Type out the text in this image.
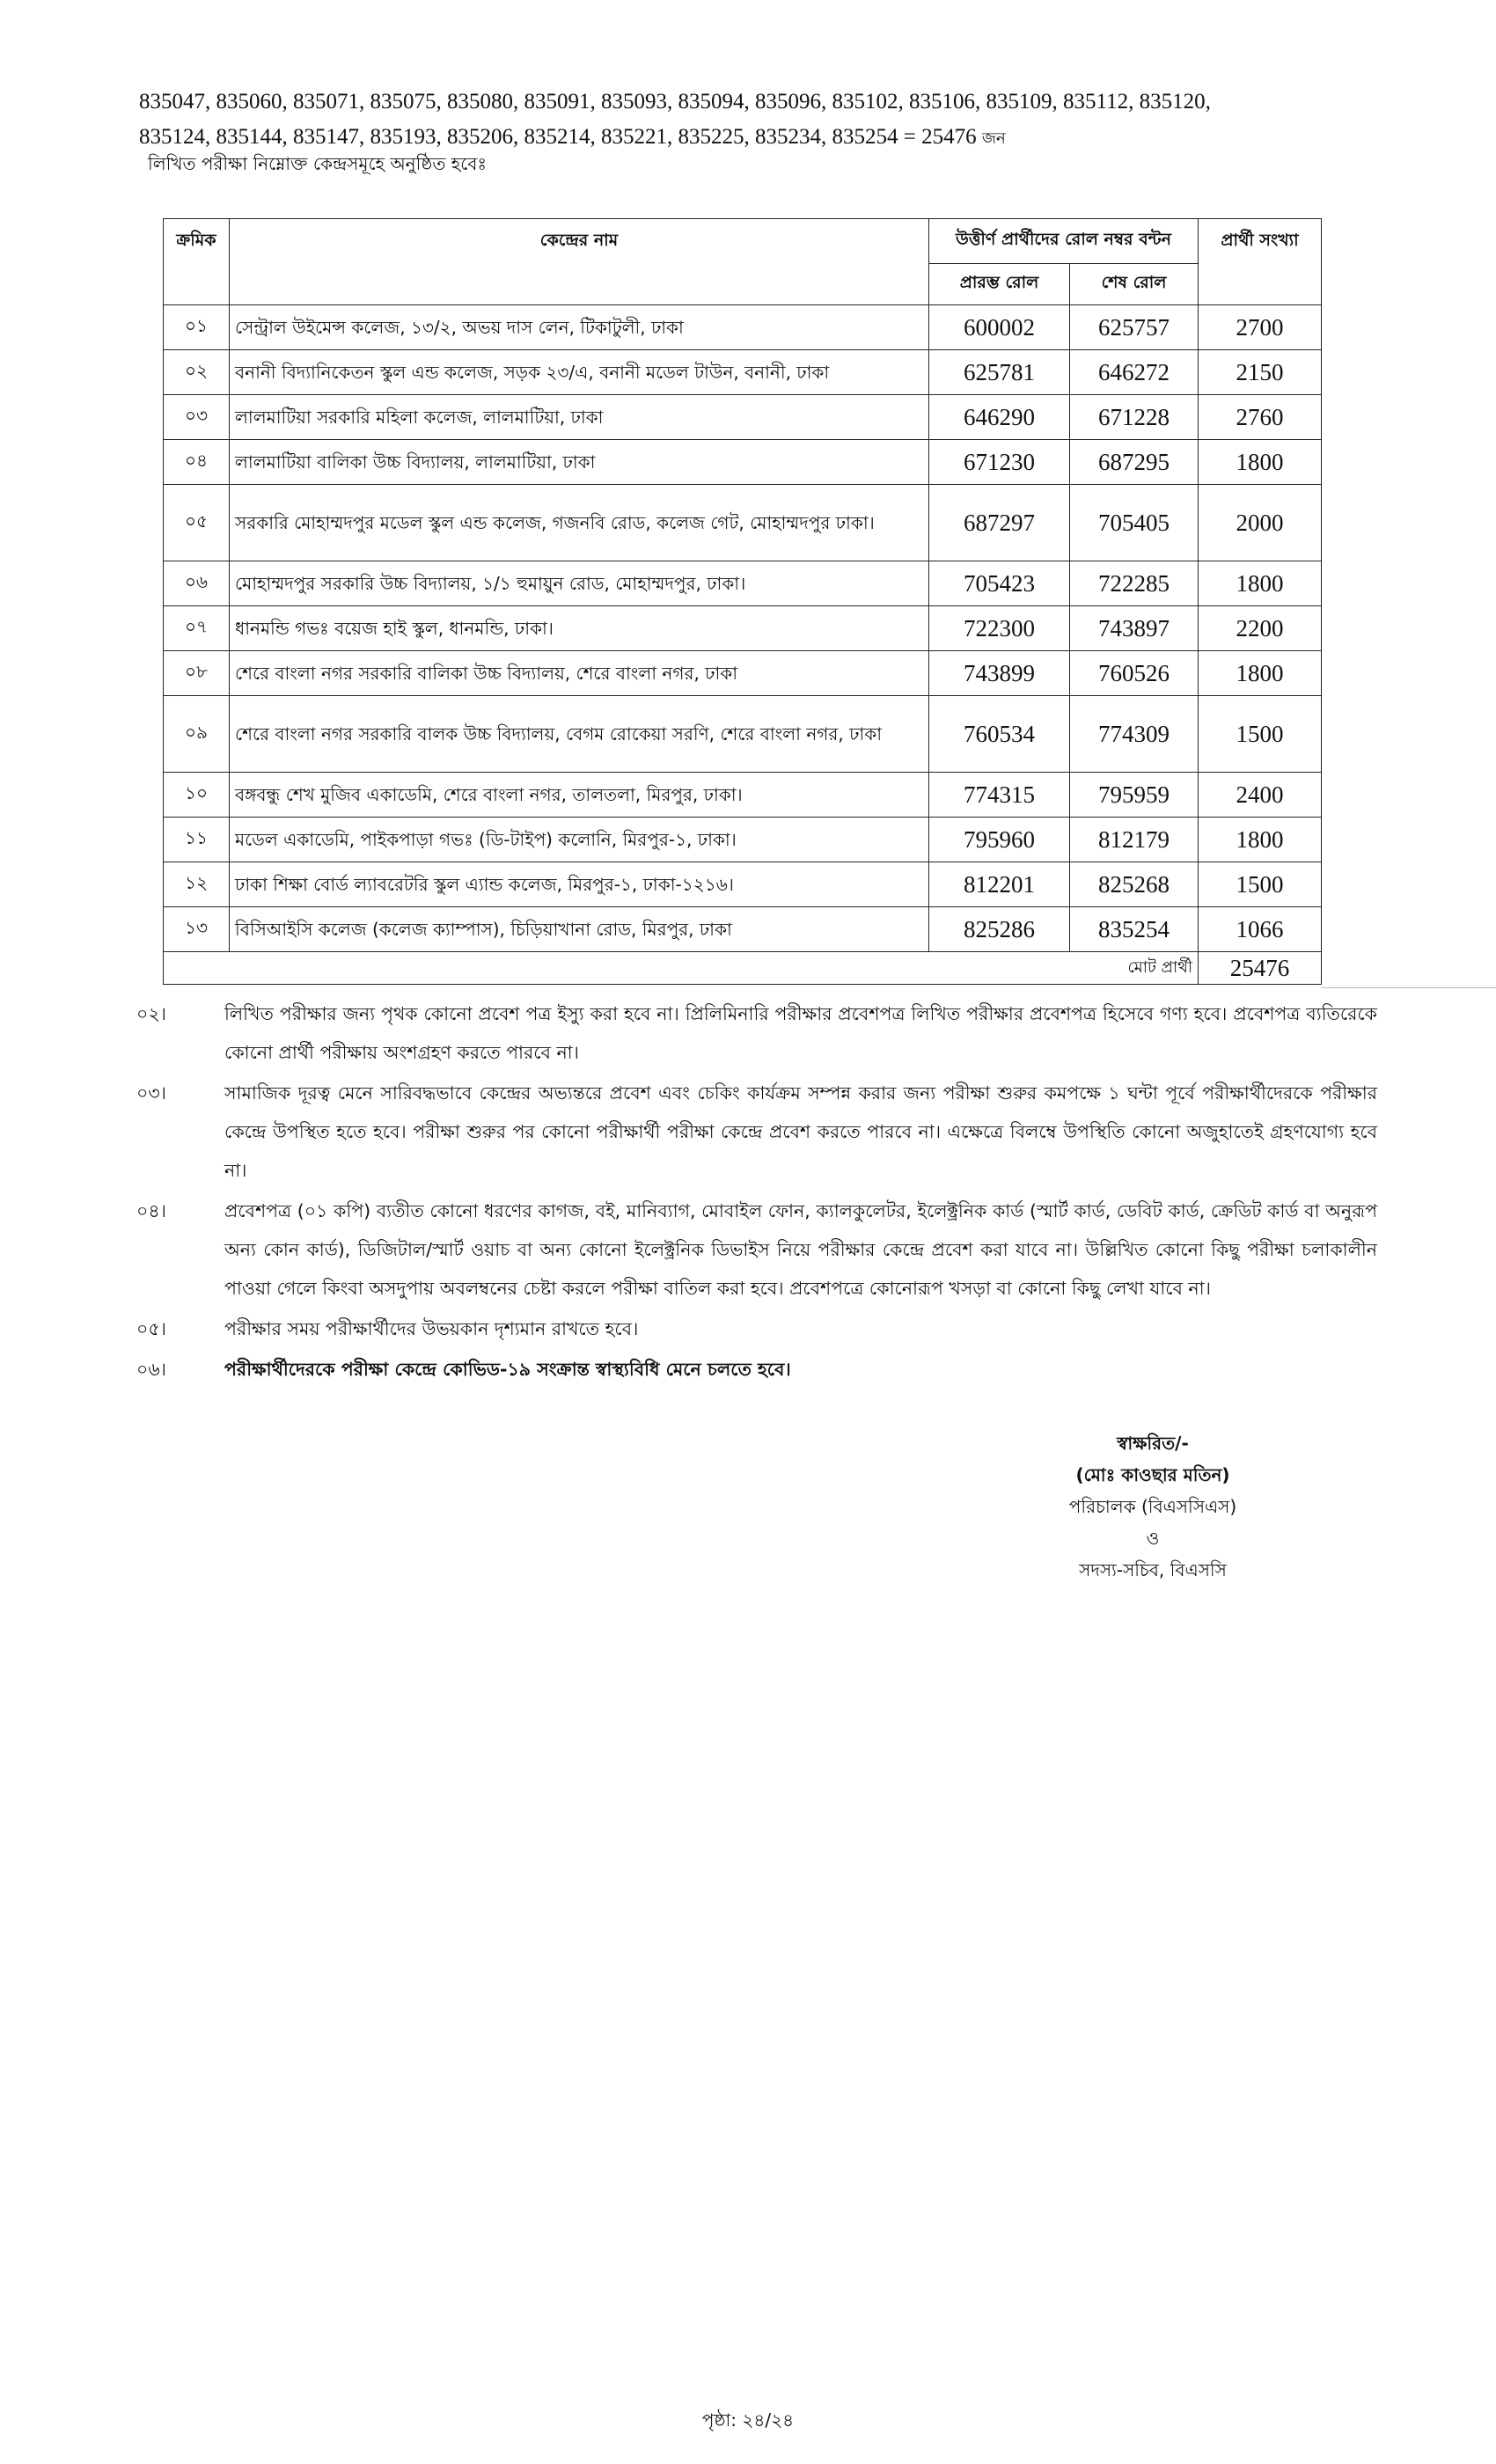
835047, 835060, 835071, 835075, 835080, 835091, 835093, 835094, 835096, 835102, 835106, 835109, 835112, 835120,
835124, 835144, 835147, 835193, 835206, 835214, 835221, 835225, 835234, 835254 = 25476 জন
লিখিত পরীক্ষা নিম্নোক্ত কেন্দ্রসমূহে অনুষ্ঠিত হবেঃ
ক্রমিক	কেন্দ্রের নাম	উত্তীর্ণ প্রার্থীদের রোল নম্বর বন্টন		প্রার্থী সংখ্যা
		প্রারম্ভ রোল	শেষ রোল	
০১	সেন্ট্রাল উইমেন্স কলেজ, ১৩/২, অভয় দাস লেন, টিকাটুলী, ঢাকা	600002	625757	2700
০২	বনানী বিদ্যানিকেতন স্কুল এন্ড কলেজ, সড়ক ২৩/এ, বনানী মডেল টাউন, বনানী, ঢাকা	625781	646272	2150
০৩	লালমাটিয়া সরকারি মহিলা কলেজ, লালমাটিয়া, ঢাকা	646290	671228	2760
০৪	লালমাটিয়া বালিকা উচ্চ বিদ্যালয়, লালমাটিয়া, ঢাকা	671230	687295	1800
০৫	সরকারি মোহাম্মদপুর মডেল স্কুল এন্ড কলেজ, গজনবি রোড, কলেজ গেট, মোহাম্মদপুর ঢাকা।	687297	705405	2000
০৬	মোহাম্মদপুর সরকারি উচ্চ বিদ্যালয়, ১/১ হুমায়ুন রোড, মোহাম্মদপুর, ঢাকা।	705423	722285	1800
০৭	ধানমন্ডি গভঃ বয়েজ হাই স্কুল, ধানমন্ডি, ঢাকা।	722300	743897	2200
০৮	শেরে বাংলা নগর সরকারি বালিকা উচ্চ বিদ্যালয়, শেরে বাংলা নগর, ঢাকা	743899	760526	1800
০৯	শেরে বাংলা নগর সরকারি বালক উচ্চ বিদ্যালয়, বেগম রোকেয়া সরণি, শেরে বাংলা নগর, ঢাকা	760534	774309	1500
১০	বঙ্গবন্ধু শেখ মুজিব একাডেমি, শেরে বাংলা নগর, তালতলা, মিরপুর, ঢাকা।	774315	795959	2400
১১	মডেল একাডেমি, পাইকপাড়া গভঃ (ডি-টাইপ) কলোনি, মিরপুর-১, ঢাকা।	795960	812179	1800
১২	ঢাকা শিক্ষা বোর্ড ল্যাবরেটরি স্কুল এ্যান্ড কলেজ, মিরপুর-১, ঢাকা-১২১৬।	812201	825268	1500
১৩	বিসিআইসি কলেজ (কলেজ ক্যাম্পাস), চিড়িয়াখানা রোড, মিরপুর, ঢাকা	825286	835254	1066
মোট প্রার্থী				25476
০২।	লিখিত পরীক্ষার জন্য পৃথক কোনো প্রবেশ পত্র ইস্যু করা হবে না। প্রিলিমিনারি পরীক্ষার প্রবেশপত্র লিখিত পরীক্ষার প্রবেশপত্র হিসেবে গণ্য হবে। প্রবেশপত্র ব্যতিরেকে কোনো প্রার্থী পরীক্ষায় অংশগ্রহণ করতে পারবে না।
০৩।	সামাজিক দূরত্ব মেনে সারিবদ্ধভাবে কেন্দ্রের অভ্যন্তরে প্রবেশ এবং চেকিং কার্যক্রম সম্পন্ন করার জন্য পরীক্ষা শুরুর কমপক্ষে ১ ঘন্টা পূর্বে পরীক্ষার্থীদেরকে পরীক্ষার কেন্দ্রে উপস্থিত হতে হবে। পরীক্ষা শুরুর পর কোনো পরীক্ষার্থী পরীক্ষা কেন্দ্রে প্রবেশ করতে পারবে না। এক্ষেত্রে বিলম্বে উপস্থিতি কোনো অজুহাতেই গ্রহণযোগ্য হবে না।
০৪।	প্রবেশপত্র (০১ কপি) ব্যতীত কোনো ধরণের কাগজ, বই, মানিব্যাগ, মোবাইল ফোন, ক্যালকুলেটর, ইলেক্ট্রনিক কার্ড (স্মার্ট কার্ড, ডেবিট কার্ড, ক্রেডিট কার্ড বা অনুরূপ অন্য কোন কার্ড), ডিজিটাল/স্মার্ট ওয়াচ বা অন্য কোনো ইলেক্ট্রনিক ডিভাইস নিয়ে পরীক্ষার কেন্দ্রে প্রবেশ করা যাবে না। উল্লিখিত কোনো কিছু পরীক্ষা চলাকালীন পাওয়া গেলে কিংবা অসদুপায় অবলম্বনের চেষ্টা করলে পরীক্ষা বাতিল করা হবে। প্রবেশপত্রে কোনোরূপ খসড়া বা কোনো কিছু লেখা যাবে না।
০৫।	পরীক্ষার সময় পরীক্ষার্থীদের উভয়কান দৃশ্যমান রাখতে হবে।
০৬।	পরীক্ষার্থীদেরকে পরীক্ষা কেন্দ্রে কোভিড-১৯ সংক্রান্ত স্বাস্থ্যবিধি মেনে চলতে হবে।
স্বাক্ষরিত/-
(মোঃ কাওছার মতিন)
পরিচালক (বিএসসিএস)
ও
সদস্য-সচিব, বিএসসি
পৃষ্ঠা: ২৪/২৪
